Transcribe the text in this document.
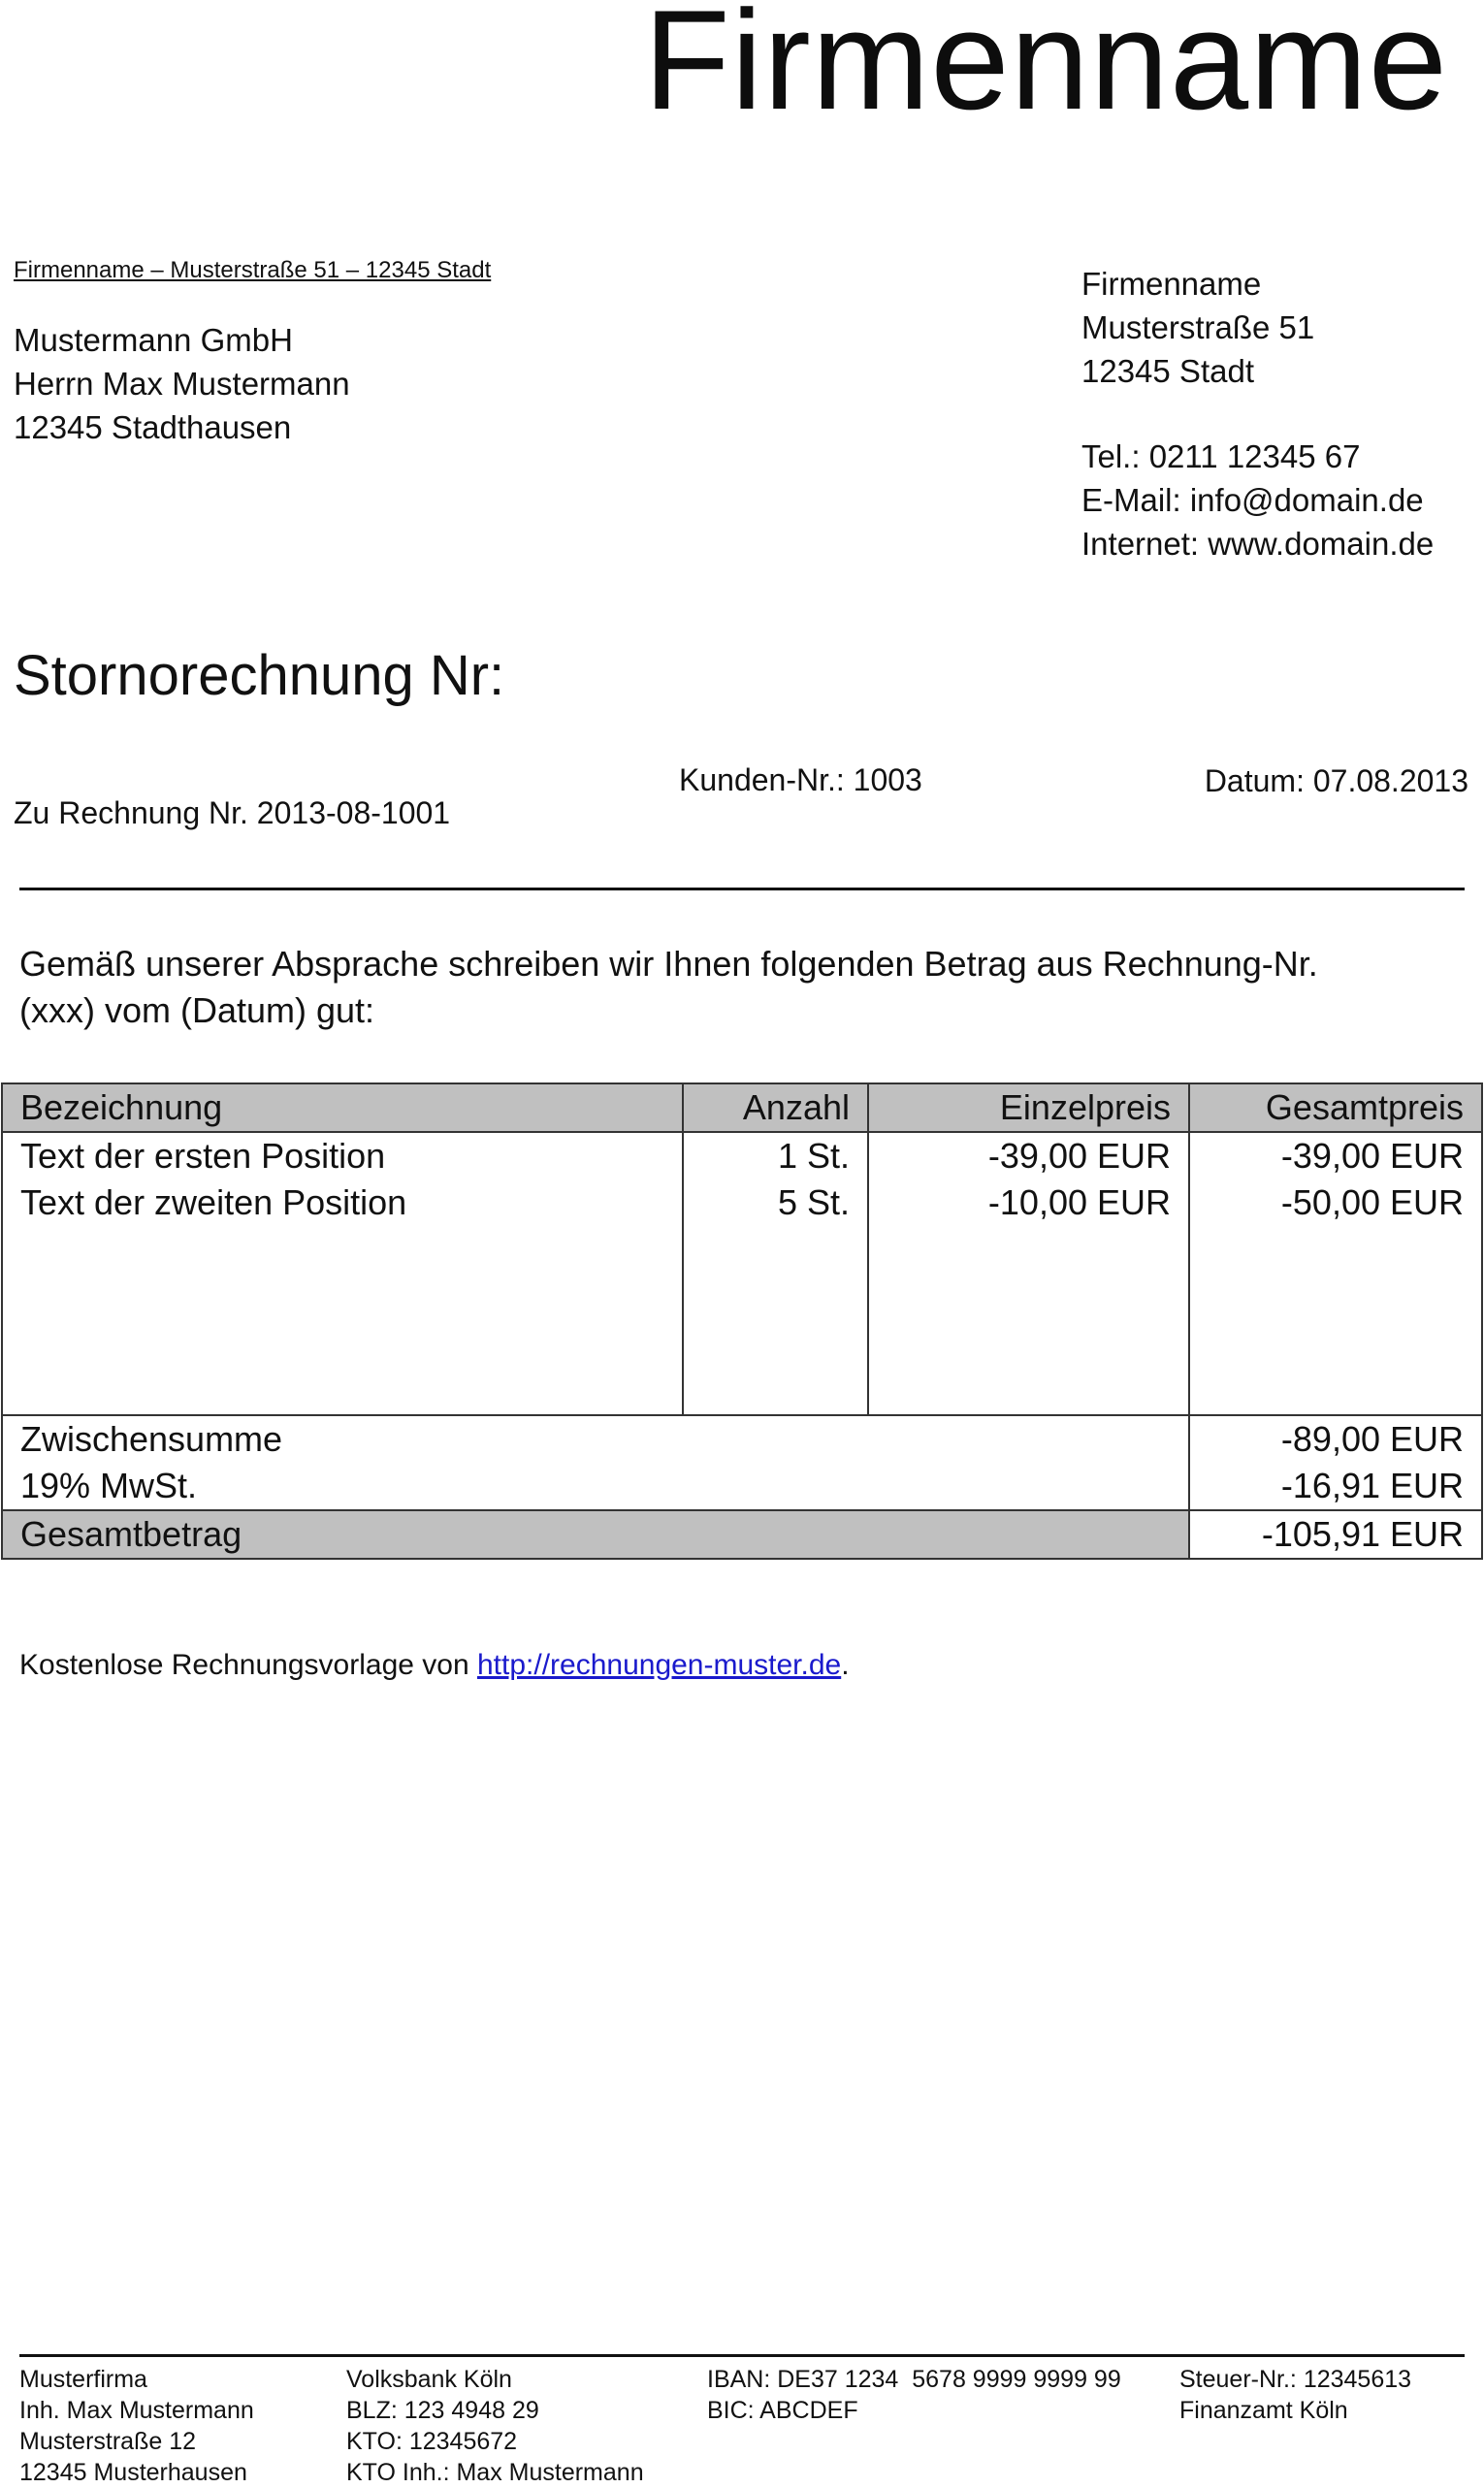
Firmenname
Firmenname – Musterstraße 51 – 12345 Stadt
Mustermann GmbH
Herrn Max Mustermann
12345 Stadthausen
Firmenname
Musterstraße 51
12345 Stadt
Tel.: 0211 12345 67
E-Mail: info@domain.de
Internet: www.domain.de
Stornorechnung Nr:
Zu Rechnung Nr. 2013-08-1001
Kunden-Nr.: 1003	Datum: 07.08.2013
Gemäß unserer Absprache schreiben wir Ihnen folgenden Betrag aus Rechnung-Nr. (xxx) vom (Datum) gut:
Bezeichnung	Anzahl	Einzelpreis	Gesamtpreis
Text der ersten Position	1 St.	-39,00 EUR	-39,00 EUR
Text der zweiten Position	5 St.	-10,00 EUR	-50,00 EUR

Zwischensumme			-89,00 EUR
19% MwSt.			-16,91 EUR
Gesamtbetrag			-105,91 EUR
Kostenlose Rechnungsvorlage von http://rechnungen-muster.de.
Musterfirma
Inh. Max Mustermann
Musterstraße 12
12345 Musterhausen
Volksbank Köln
BLZ: 123 4948 29
KTO: 12345672
KTO Inh.: Max Mustermann
IBAN: DE37 1234  5678 9999 9999 99
BIC: ABCDEF
Steuer-Nr.: 12345613
Finanzamt Köln
